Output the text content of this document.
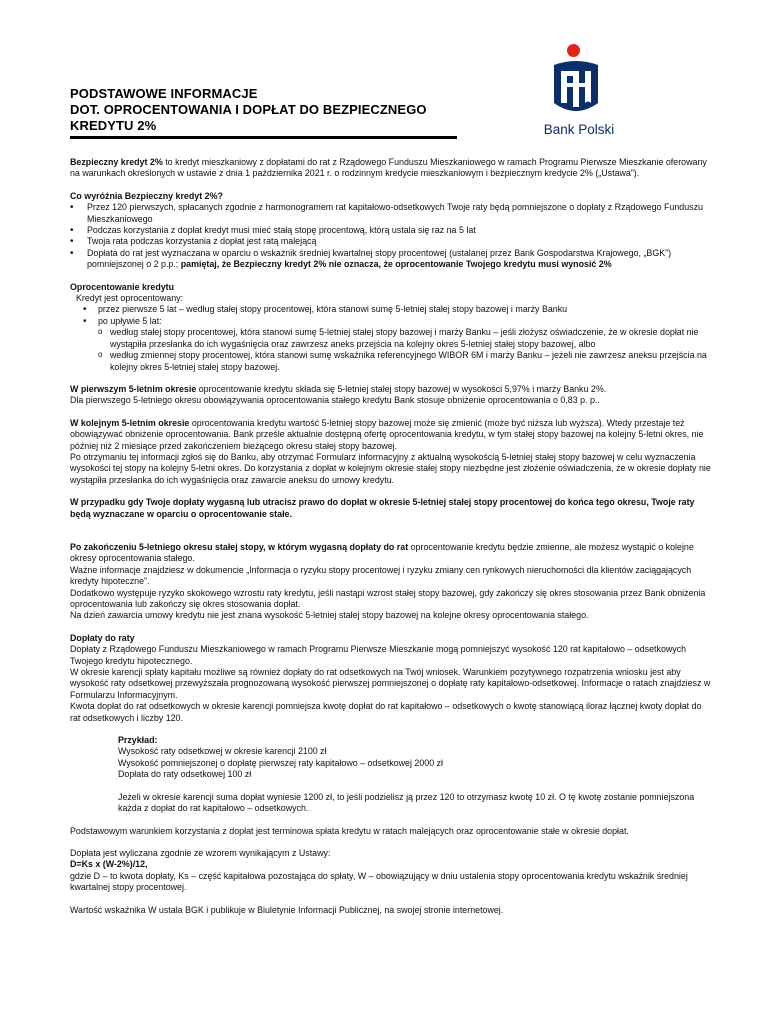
PODSTAWOWE INFORMACJE
DOT. OPROCENTOWANIA I DOPŁAT DO BEZPIECZNEGO
KREDYTU 2%	Bank Polski

Bezpieczny kredyt 2% to kredyt mieszkaniowy z dopłatami do rat z Rządowego Funduszu Mieszkaniowego w ramach Programu Pierwsze Mieszkanie oferowany na warunkach określonych w ustawie z dnia 1 października 2021 r. o rodzinnym kredycie mieszkaniowym i bezpiecznym kredycie 2% („Ustawa”).

Co wyróżnia Bezpieczny kredyt 2%?

• Przez 120 pierwszych, spłacanych zgodnie z harmonogramem rat kapitałowo-odsetkowych Twoje raty będą pomniejszone o dopłaty z Rządowego Funduszu Mieszkaniowego
• Podczas korzystania z dopłat kredyt musi mieć stałą stopę procentową, którą ustala się raz na 5 lat
• Twoja rata podczas korzystania z dopłat jest ratą malejącą
• Dopłata do rat jest wyznaczana w oparciu o wskaźnik średniej kwartalnej stopy procentowej (ustalanej przez Bank Gospodarstwa Krajowego, „BGK”) pomniejszonej o 2 p.p.; pamiętaj, że Bezpieczny kredyt 2% nie oznacza, że oprocentowanie Twojego kredytu musi wynosić 2%

Oprocentowanie kredytu

Kredyt jest oprocentowany:

• przez pierwsze 5 lat – według stałej stopy procentowej, która stanowi sumę 5-letniej stałej stopy bazowej i marży Banku
• po upływie 5 lat:
o według stałej stopy procentowej, która stanowi sumę 5-letniej stałej stopy bazowej i marży Banku – jeśli złożysz oświadczenie, że w okresie dopłat nie wystąpiła przesłanka do ich wygaśnięcia oraz zawrzesz aneks przejścia na kolejny okres 5-letniej stałej stopy bazowej, albo
o według zmiennej stopy procentowej, która stanowi sumę wskaźnika referencyjnego WIBOR 6M i marży Banku – jeżeli nie zawrzesz aneksu przejścia na kolejny okres 5-letniej stałej stopy bazowej.

W pierwszym 5-letnim okresie oprocentowanie kredytu składa się 5-letniej stałej stopy bazowej w wysokości 5,97% i marży Banku 2%.

Dla pierwszego 5-letniego okresu obowiązywania oprocentowania stałego kredytu Bank stosuje obniżenie oprocentowania o 0,83 p. p..

W kolejnym 5-letnim okresie oprocentowania kredytu wartość 5-letniej stopy bazowej może się zmienić (może być niższa lub wyższa). Wtedy przestaje też obowiązywać obniżenie oprocentowania. Bank prześle aktualnie dostępną ofertę oprocentowania kredytu, w tym stałej stopy bazowej na kolejny 5-letni okres, nie później niż 2 miesiące przed zakończeniem bieżącego okresu stałej stopy bazowej.

Po otrzymaniu tej informacji zgłoś się do Banku, aby otrzymać Formularz informacyjny z aktualną wysokością 5-letniej stałej stopy bazowej w celu wyznaczenia wysokości tej stopy na kolejny 5-letni okres. Do korzystania z dopłat w kolejnym okresie stałej stopy niezbędne jest złożenie oświadczenia, że w okresie dopłaty nie wystąpiła przesłanka do ich wygaśnięcia oraz zawarcie aneksu do umowy kredytu.

W przypadku gdy Twoje dopłaty wygasną lub utracisz prawo do dopłat w okresie 5-letniej stałej stopy procentowej do końca tego okresu, Twoje raty będą wyznaczane w oparciu o oprocentowanie stałe.

Po zakończeniu 5-letniego okresu stałej stopy, w którym wygasną dopłaty do rat oprocentowanie kredytu będzie zmienne, ale możesz wystąpić o kolejne okresy oprocentowania stałego.

Ważne informacje znajdziesz w dokumencie „Informacja o ryzyku stopy procentowej i ryzyku zmiany cen rynkowych nieruchomości dla klientów zaciągających kredyty hipoteczne”.

Dodatkowo występuje ryzyko skokowego wzrostu raty kredytu, jeśli nastąpi wzrost stałej stopy bazowej, gdy zakończy się okres stosowania przez Bank obniżenia oprocentowania lub zakończy się okres stosowania dopłat.

Na dzień zawarcia umowy kredytu nie jest znana wysokość 5-letniej stałej stopy bazowej na kolejne okresy oprocentowania stałego.

Dopłaty do raty

Dopłaty z Rządowego Funduszu Mieszkaniowego w ramach Programu Pierwsze Mieszkanie mogą pomniejszyć wysokość 120 rat kapitałowo – odsetkowych Twojego kredytu hipotecznego.

W okresie karencji spłaty kapitału możliwe są również dopłaty do rat odsetkowych na Twój wniosek. Warunkiem pozytywnego rozpatrzenia wniosku jest aby wysokość raty odsetkowej przewyższała prognozowaną wysokość pierwszej pomniejszonej o dopłatę raty kapitałowo-odsetkowej. Informacje o ratach znajdziesz w Formularzu Informacyjnym.

Kwota dopłat do rat odsetkowych w okresie karencji pomniejsza kwotę dopłat do rat kapitałowo – odsetkowych o kwotę stanowiącą iloraz łącznej kwoty dopłat do rat odsetkowych i liczby 120.

Przykład:

Wysokość raty odsetkowej w okresie karencji 2100 zł

Wysokość pomniejszonej o dopłatę pierwszej raty kapitałowo – odsetkowej 2000 zł

Dopłata do raty odsetkowej 100 zł

Jeżeli w okresie karencji suma dopłat wyniesie 1200 zł, to jeśli podzielisz ją przez 120 to otrzymasz kwotę 10 zł. O tę kwotę zostanie pomniejszona każda z dopłat do rat kapitałowo – odsetkowych.

Podstawowym warunkiem korzystania z dopłat jest terminowa spłata kredytu w ratach malejących oraz oprocentowanie stałe w okresie dopłat.

Dopłata jest wyliczana zgodnie ze wzorem wynikającym z Ustawy:

D=Ks x (W-2%)/12,

gdzie D – to kwota dopłaty, Ks – część kapitałowa pozostająca do spłaty, W – obowiązujący w dniu ustalenia stopy oprocentowania kredytu wskaźnik średniej kwartalnej stopy procentowej.

Wartość wskaźnika W ustala BGK i publikuje w Biuletynie Informacji Publicznej, na swojej stronie internetowej.
